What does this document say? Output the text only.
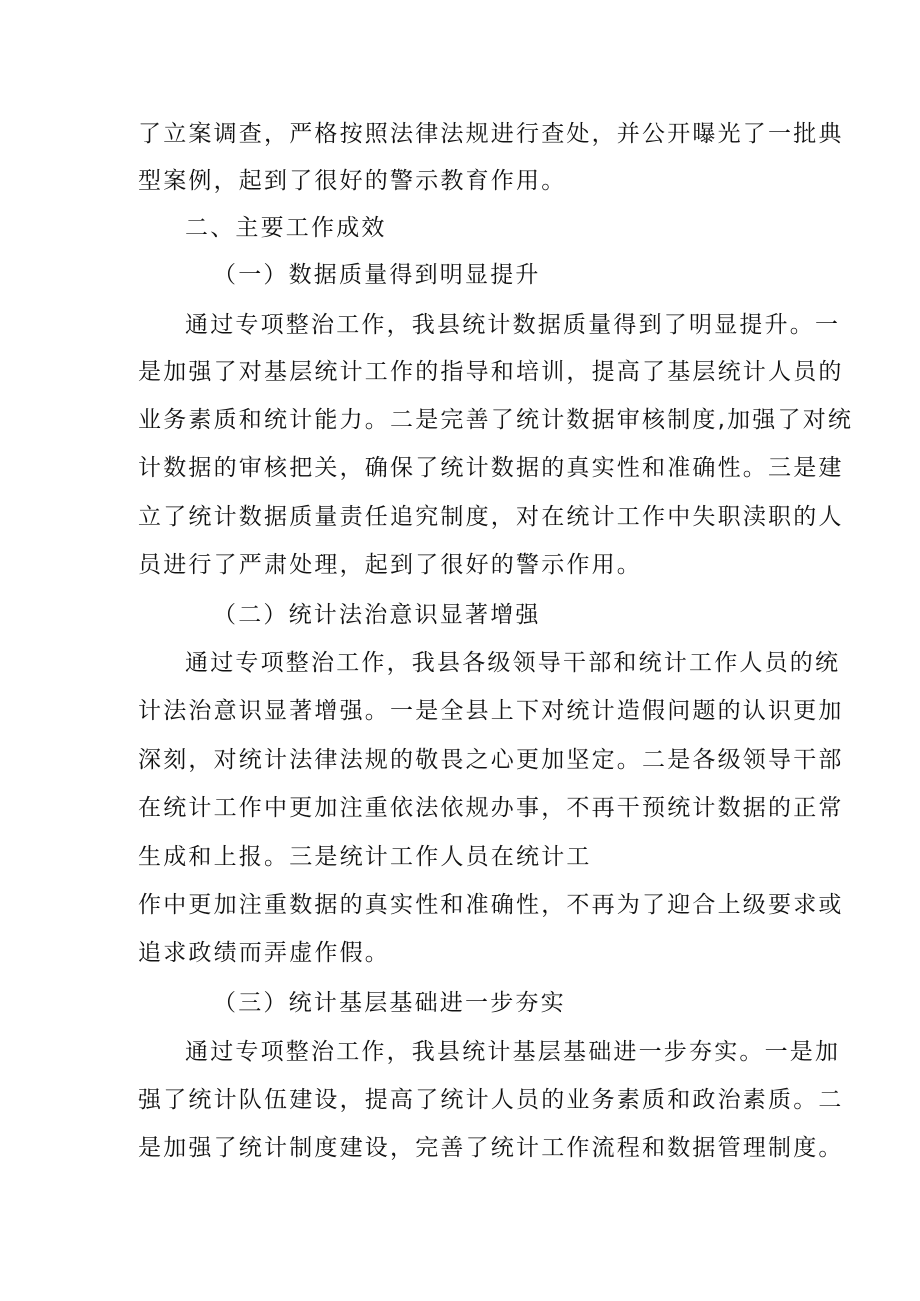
了立案调查，严格按照法律法规进行查处，并公开曝光了一批典
型案例，起到了很好的警示教育作用。
二、主要工作成效
（一）数据质量得到明显提升
通过专项整治工作，我县统计数据质量得到了明显提升。一
是加强了对基层统计工作的指导和培训，提高了基层统计人员的
业务素质和统计能力。二是完善了统计数据审核制度,加强了对统
计数据的审核把关，确保了统计数据的真实性和准确性。三是建
立了统计数据质量责任追究制度，对在统计工作中失职渎职的人
员进行了严肃处理，起到了很好的警示作用。
（二）统计法治意识显著增强
通过专项整治工作，我县各级领导干部和统计工作人员的统
计法治意识显著增强。一是全县上下对统计造假问题的认识更加
深刻，对统计法律法规的敬畏之心更加坚定。二是各级领导干部
在统计工作中更加注重依法依规办事，不再干预统计数据的正常
生成和上报。三是统计工作人员在统计工
作中更加注重数据的真实性和准确性，不再为了迎合上级要求或
追求政绩而弄虚作假。
（三）统计基层基础进一步夯实
通过专项整治工作，我县统计基层基础进一步夯实。一是加
强了统计队伍建设，提高了统计人员的业务素质和政治素质。二
是加强了统计制度建设，完善了统计工作流程和数据管理制度。
